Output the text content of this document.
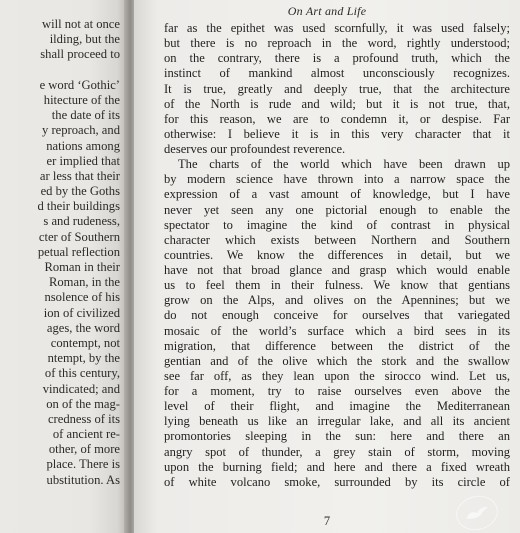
will not at once
ilding, but the
shall proceed to

e word ‘Gothic’
hitecture of the
the date of its
y reproach, and
nations among
er implied that
ar less that their
ed by the Goths
d their buildings
s and rudeness,
cter of Southern
petual reflection
Roman in their
Roman, in the
nsolence of his
ion of civilized
ages, the word
contempt, not
ntempt, by the
of this century,
vindicated; and
on of the mag-
credness of its
of ancient re-
other, of more
place. There is
ubstitution. As
On Art and Life
far as the epithet was used scornfully, it was used falsely;
but there is no reproach in the word, rightly understood;
on the contrary, there is a profound truth, which the
instinct of mankind almost unconsciously recognizes.
It is true, greatly and deeply true, that the architecture
of the North is rude and wild; but it is not true, that,
for this reason, we are to condemn it, or despise. Far
otherwise: I believe it is in this very character that it
deserves our profoundest reverence.
The charts of the world which have been drawn up
by modern science have thrown into a narrow space the
expression of a vast amount of knowledge, but I have
never yet seen any one pictorial enough to enable the
spectator to imagine the kind of contrast in physical
character which exists between Northern and Southern
countries. We know the differences in detail, but we
have not that broad glance and grasp which would enable
us to feel them in their fulness. We know that gentians
grow on the Alps, and olives on the Apennines; but we
do not enough conceive for ourselves that variegated
mosaic of the world’s surface which a bird sees in its
migration, that difference between the district of the
gentian and of the olive which the stork and the swallow
see far off, as they lean upon the sirocco wind. Let us,
for a moment, try to raise ourselves even above the
level of their flight, and imagine the Mediterranean
lying beneath us like an irregular lake, and all its ancient
promontories sleeping in the sun: here and there an
angry spot of thunder, a grey stain of storm, moving
upon the burning field; and here and there a fixed wreath
of white volcano smoke, surrounded by its circle of
7
